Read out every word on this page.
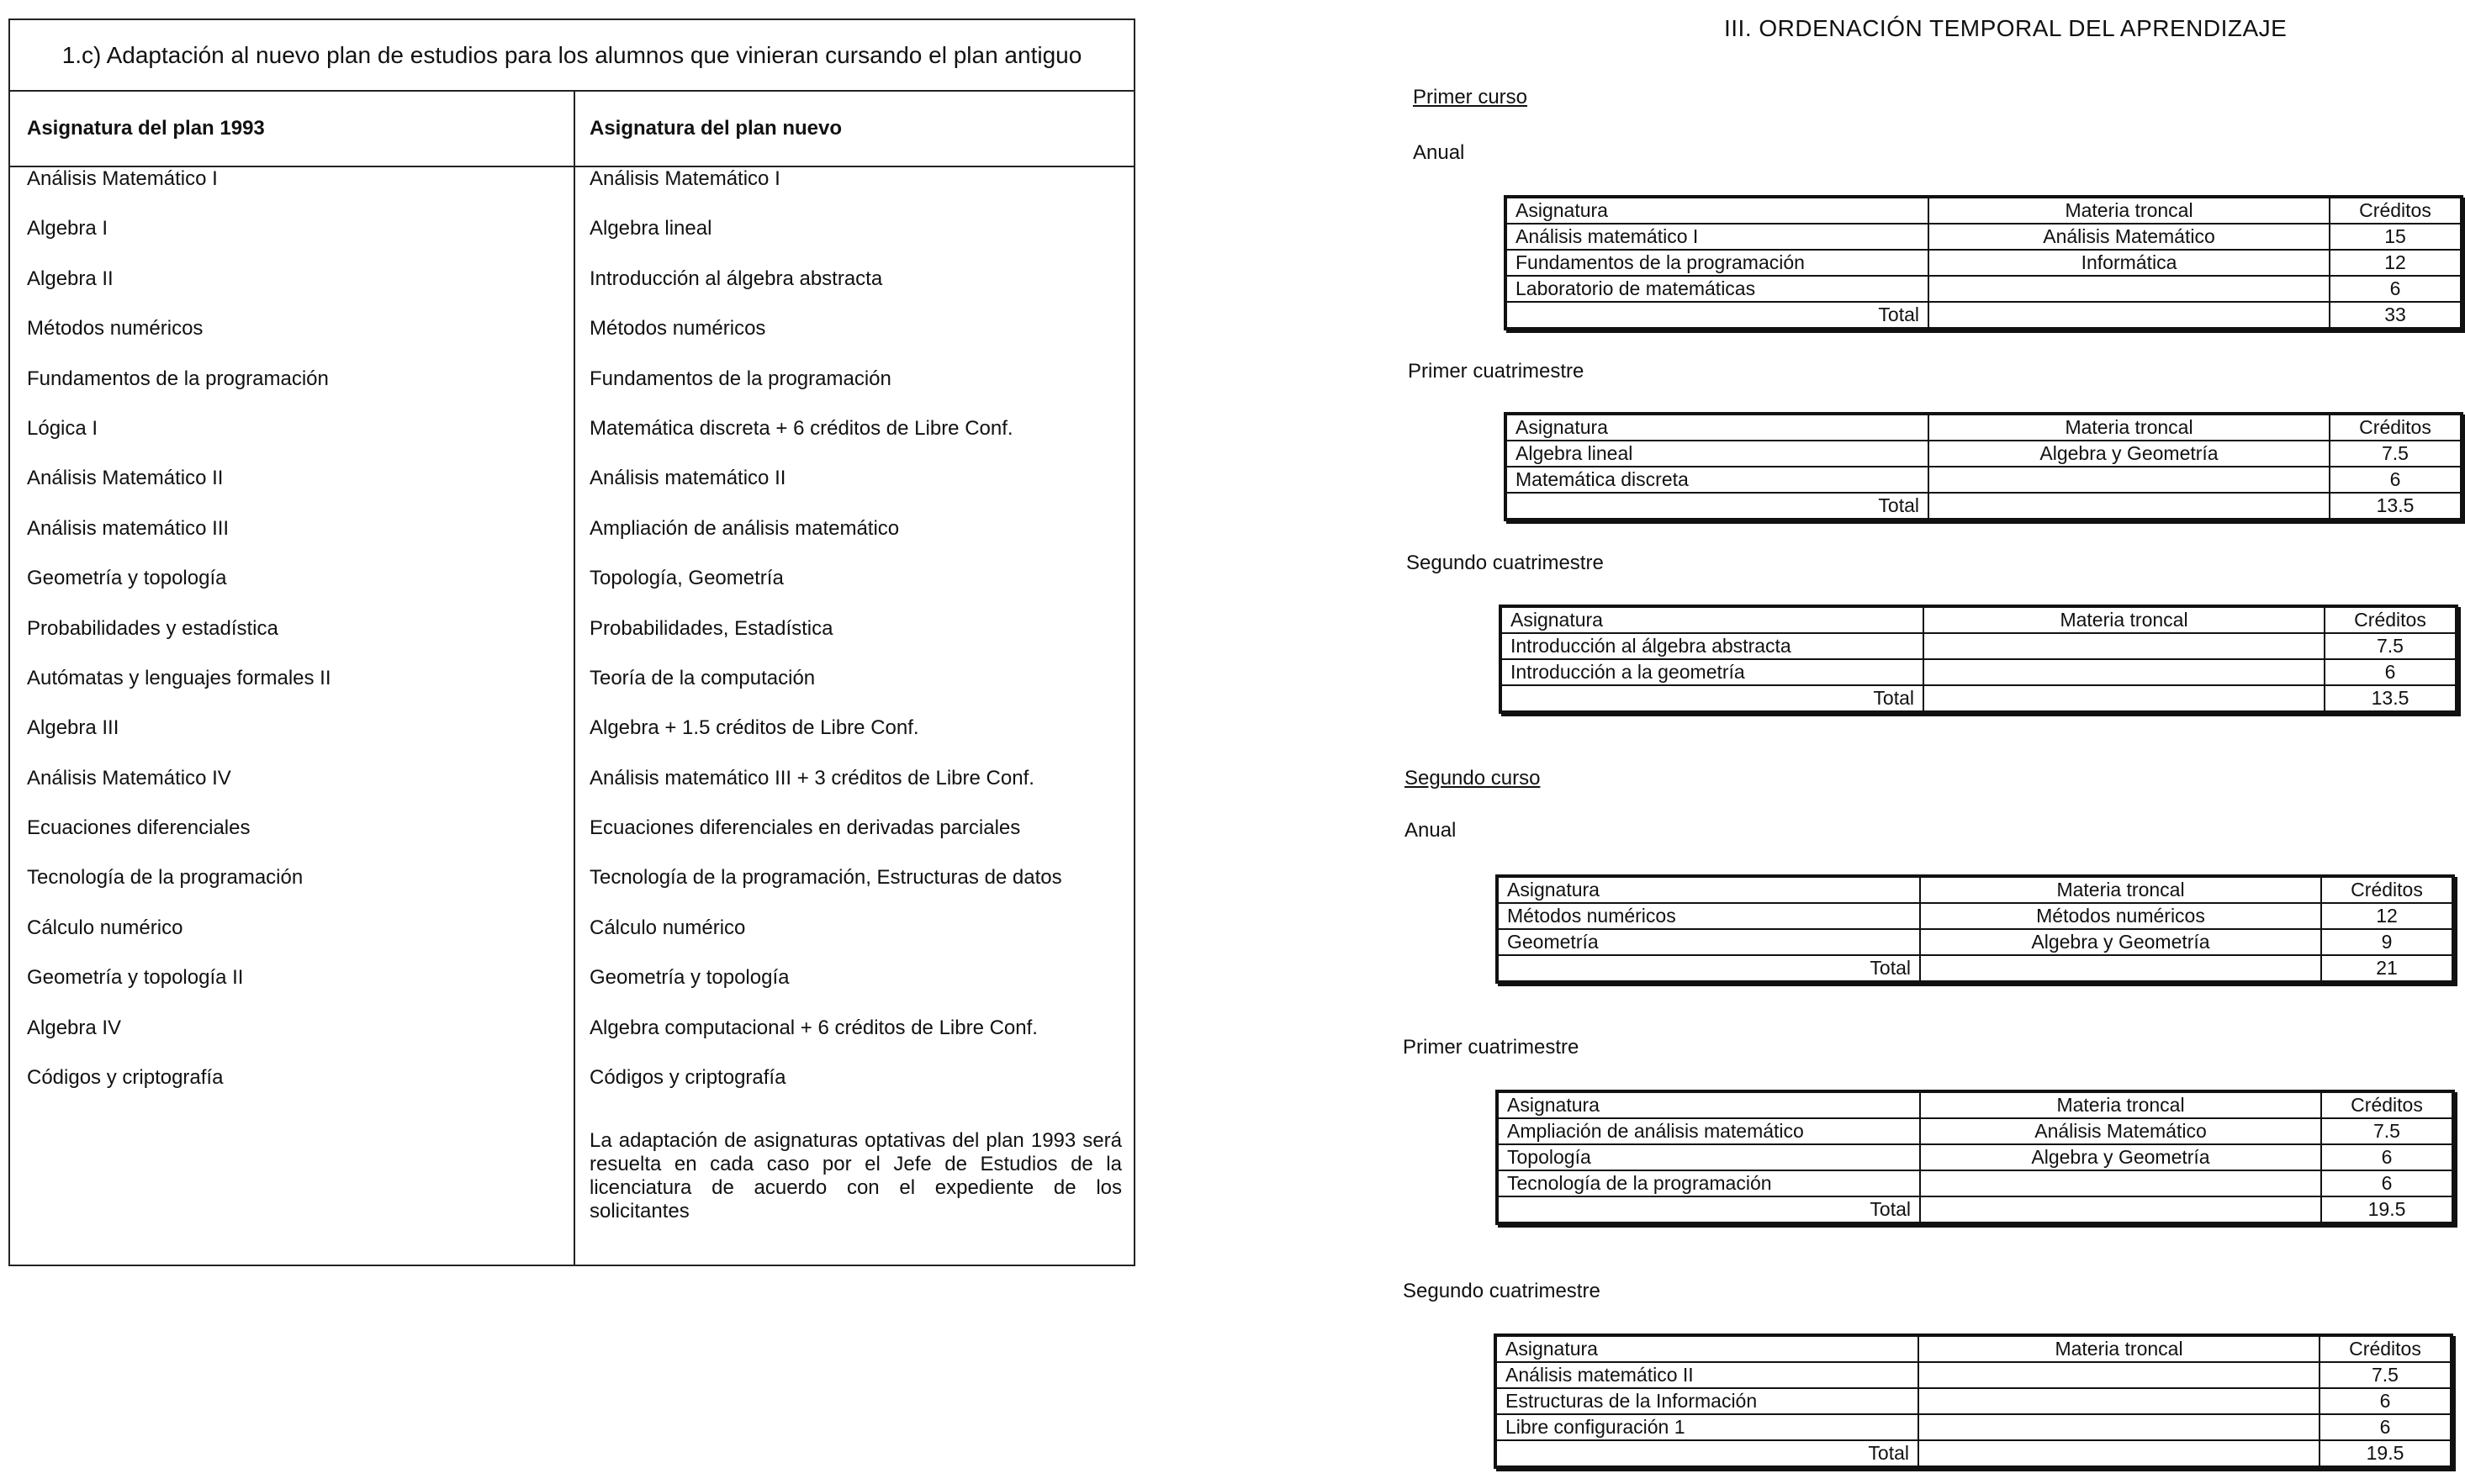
1.c) Adaptación al nuevo plan de estudios para los alumnos que vinieran cursando el plan antiguo
Asignatura del plan 1993	Asignatura del plan nuevo
Análisis Matemático I	Análisis Matemático I
Algebra I	Algebra lineal
Algebra II	Introducción al álgebra abstracta
Métodos numéricos	Métodos numéricos
Fundamentos de la programación	Fundamentos de la programación
Lógica I	Matemática discreta + 6 créditos de Libre Conf.
Análisis Matemático II	Análisis matemático II
Análisis matemático III	Ampliación de análisis matemático
Geometría y topología	Topología, Geometría
Probabilidades y estadística	Probabilidades, Estadística
Autómatas y lenguajes formales II	Teoría de la computación
Algebra III	Algebra + 1.5 créditos de Libre Conf.
Análisis Matemático IV	Análisis matemático III + 3 créditos de Libre Conf.
Ecuaciones diferenciales	Ecuaciones diferenciales en derivadas parciales
Tecnología de la programación	Tecnología de la programación, Estructuras de datos
Cálculo numérico	Cálculo numérico
Geometría y topología II	Geometría y topología
Algebra IV	Algebra computacional + 6 créditos de Libre Conf.
Códigos y criptografía	Códigos y criptografía
La adaptación de asignaturas optativas del plan 1993 será resuelta en cada caso por el Jefe de Estudios de la licenciatura de acuerdo con el expediente de los solicitantes
III. ORDENACIÓN TEMPORAL DEL APRENDIZAJE
Primer curso
Anual
Asignatura	Materia troncal	Créditos
Análisis matemático I	Análisis Matemático	15
Fundamentos de la programación	Informática	12
Laboratorio de matemáticas		6
Total		33
Primer cuatrimestre
Asignatura	Materia troncal	Créditos
Algebra lineal	Algebra y Geometría	7.5
Matemática discreta		6
Total		13.5
Segundo cuatrimestre
Asignatura	Materia troncal	Créditos
Introducción al álgebra abstracta		7.5
Introducción a la geometría		6
Total		13.5
Segundo curso
Anual
Asignatura	Materia troncal	Créditos
Métodos numéricos	Métodos numéricos	12
Geometría	Algebra y Geometría	9
Total		21
Primer cuatrimestre
Asignatura	Materia troncal	Créditos
Ampliación de análisis matemático	Análisis Matemático	7.5
Topología	Algebra y Geometría	6
Tecnología de la programación		6
Total		19.5
Segundo cuatrimestre
Asignatura	Materia troncal	Créditos
Análisis matemático II		7.5
Estructuras de la Información		6
Libre configuración 1		6
Total		19.5
